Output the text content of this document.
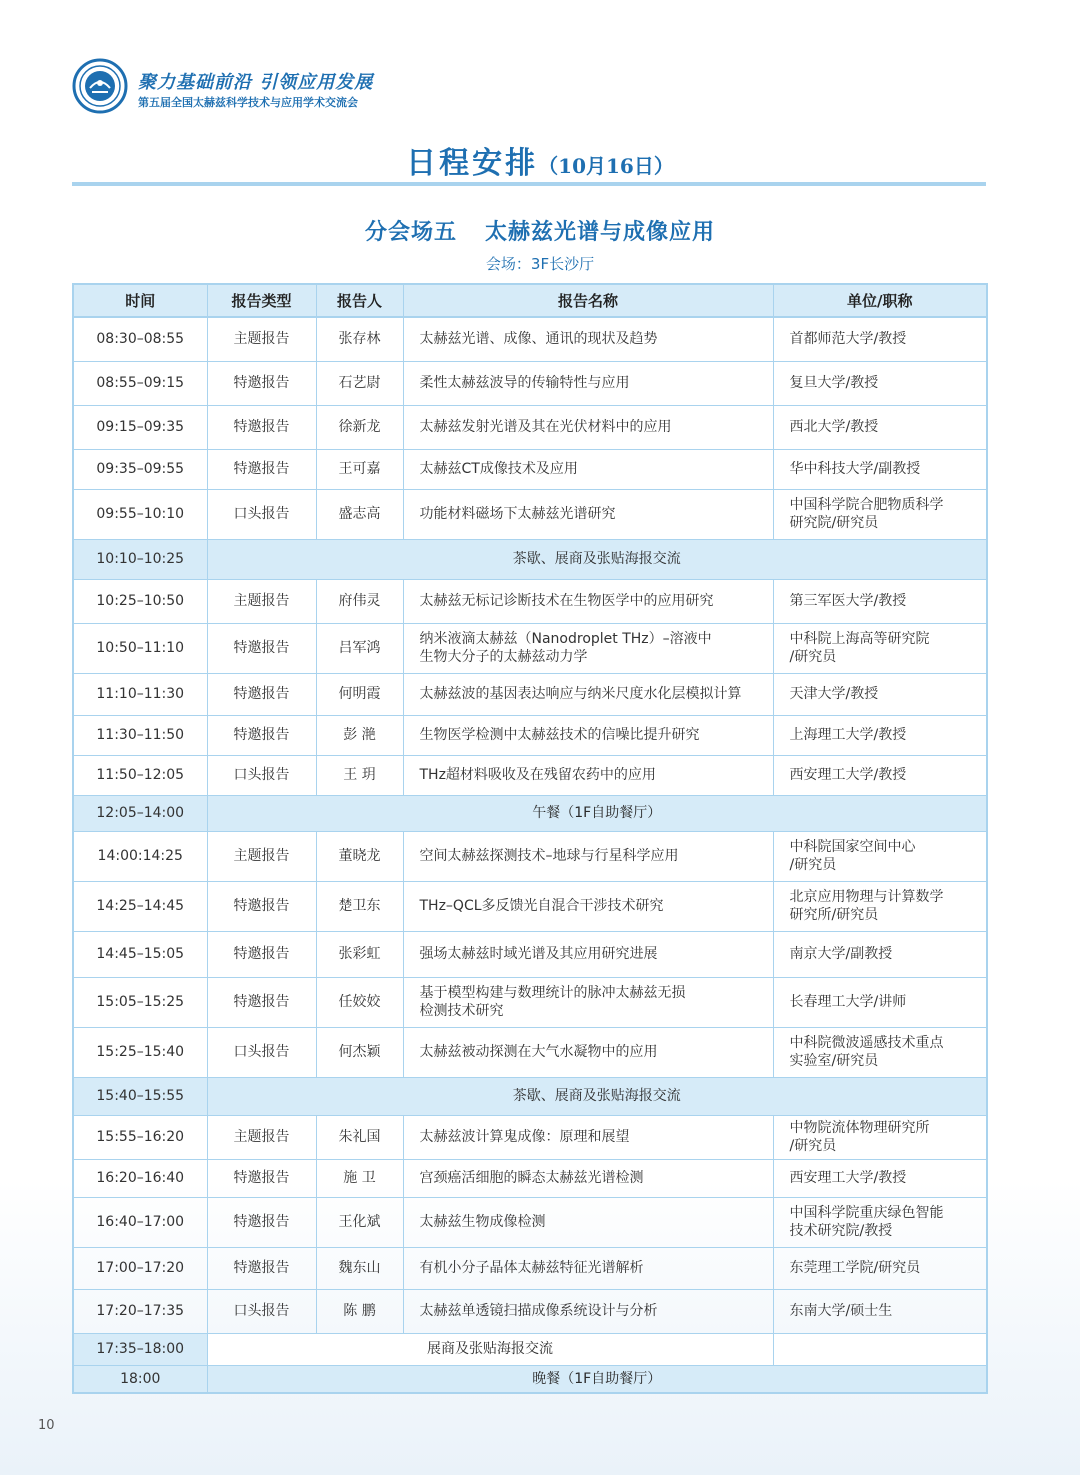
聚力基础前沿 引领应用发展
第五届全国太赫兹科学技术与应用学术交流会
日程安排（10月16日）
分会场五 太赫兹光谱与成像应用
会场：3F长沙厅
时间	报告类型	报告人	报告名称	单位/职称
08:30–08:55	主题报告	张存林	太赫兹光谱、成像、通讯的现状及趋势	首都师范大学/教授
08:55–09:15	特邀报告	石艺尉	柔性太赫兹波导的传输特性与应用	复旦大学/教授
09:15–09:35	特邀报告	徐新龙	太赫兹发射光谱及其在光伏材料中的应用	西北大学/教授
09:35–09:55	特邀报告	王可嘉	太赫兹CT成像技术及应用	华中科技大学/副教授
09:55–10:10	口头报告	盛志高	功能材料磁场下太赫兹光谱研究	中国科学院合肥物质科学
研究院/研究员
10:10–10:25	茶歇、展商及张贴海报交流			
10:25–10:50	主题报告	府伟灵	太赫兹无标记诊断技术在生物医学中的应用研究	第三军医大学/教授
10:50–11:10	特邀报告	吕军鸿	纳米液滴太赫兹（Nanodroplet THz）–溶液中
生物大分子的太赫兹动力学	中科院上海高等研究院
/研究员
11:10–11:30	特邀报告	何明霞	太赫兹波的基因表达响应与纳米尺度水化层模拟计算	天津大学/教授
11:30–11:50	特邀报告	彭 滟	生物医学检测中太赫兹技术的信噪比提升研究	上海理工大学/教授
11:50–12:05	口头报告	王 玥	THz超材料吸收及在残留农药中的应用	西安理工大学/教授
12:05–14:00	午餐（1F自助餐厅）			
14:00:14:25	主题报告	董晓龙	空间太赫兹探测技术–地球与行星科学应用	中科院国家空间中心
/研究员
14:25–14:45	特邀报告	楚卫东	THz–QCL多反馈光自混合干涉技术研究	北京应用物理与计算数学
研究所/研究员
14:45–15:05	特邀报告	张彩虹	强场太赫兹时域光谱及其应用研究进展	南京大学/副教授
15:05–15:25	特邀报告	任姣姣	基于模型构建与数理统计的脉冲太赫兹无损
检测技术研究	长春理工大学/讲师
15:25–15:40	口头报告	何杰颖	太赫兹被动探测在大气水凝物中的应用	中科院微波遥感技术重点
实验室/研究员
15:40–15:55	茶歇、展商及张贴海报交流			
15:55–16:20	主题报告	朱礼国	太赫兹波计算鬼成像：原理和展望	中物院流体物理研究所
/研究员
16:20–16:40	特邀报告	施 卫	宫颈癌活细胞的瞬态太赫兹光谱检测	西安理工大学/教授
16:40–17:00	特邀报告	王化斌	太赫兹生物成像检测	中国科学院重庆绿色智能
技术研究院/教授
17:00–17:20	特邀报告	魏东山	有机小分子晶体太赫兹特征光谱解析	东莞理工学院/研究员
17:20–17:35	口头报告	陈 鹏	太赫兹单透镜扫描成像系统设计与分析	东南大学/硕士生
17:35–18:00	展商及张贴海报交流			
18:00	晚餐（1F自助餐厅）			
10
